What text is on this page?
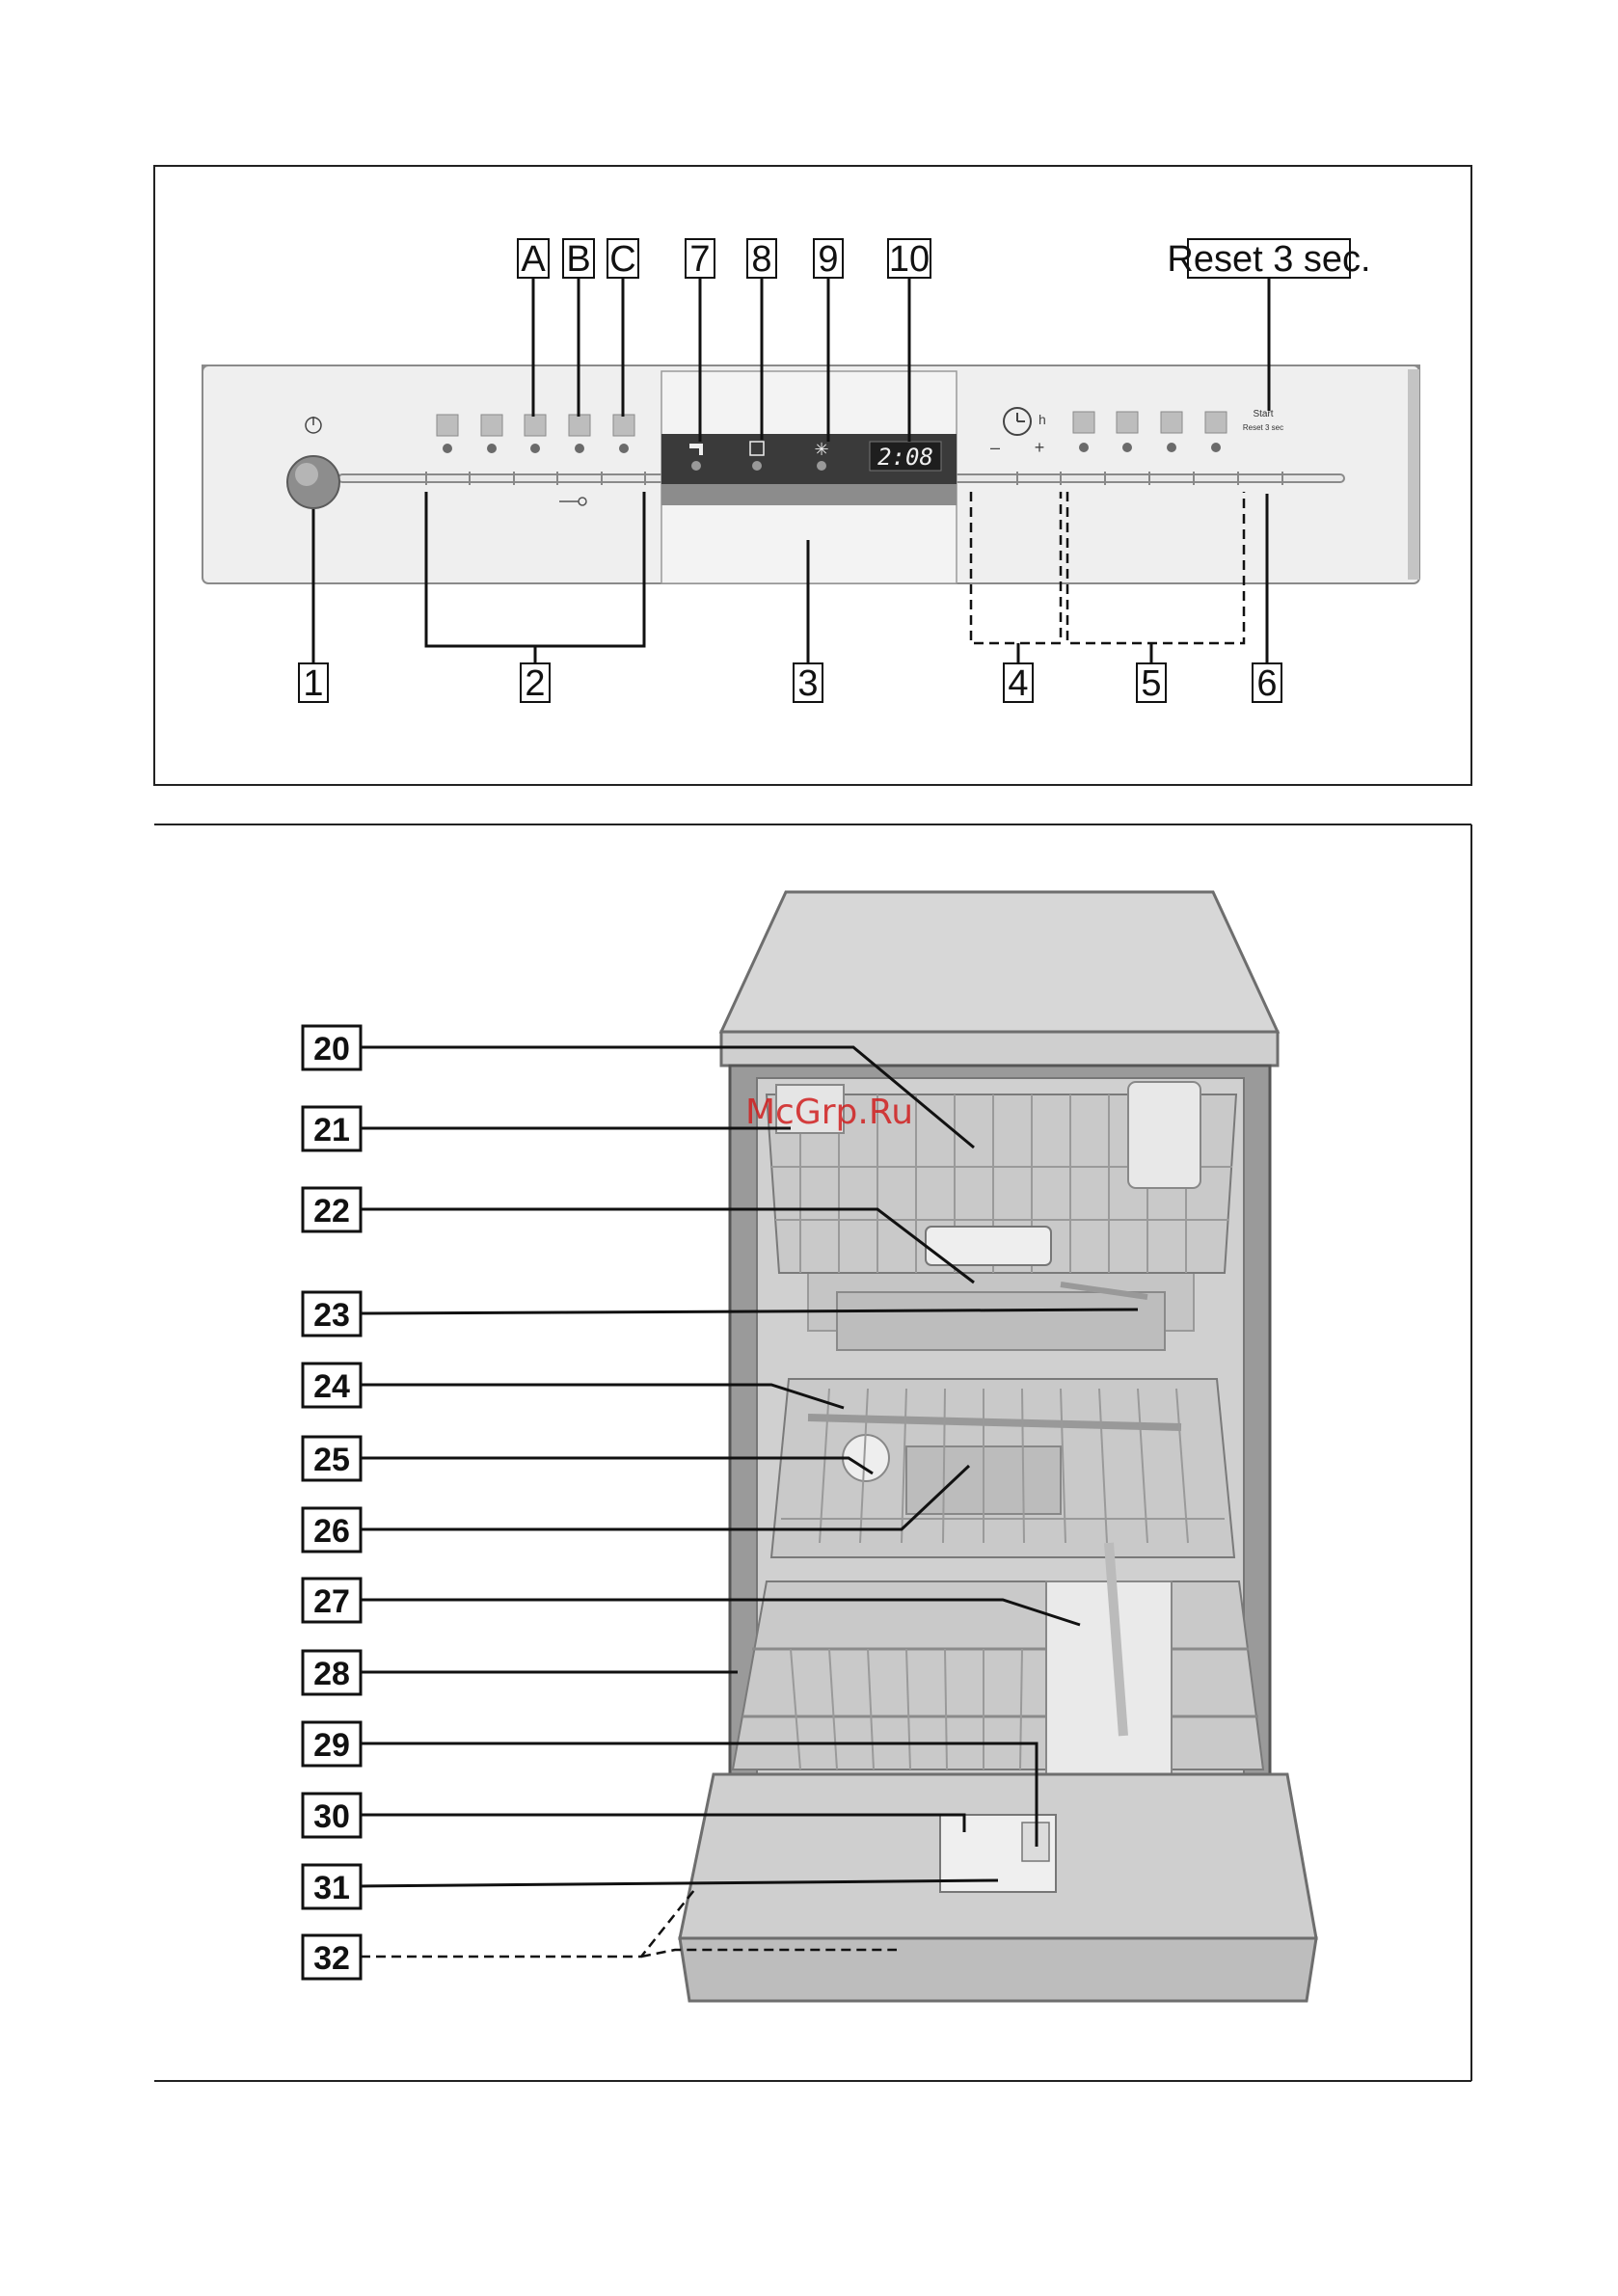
✳ 2:08
h
– +
Start
Reset 3 sec
A B C 7 8 9 10	Reset 3 sec.
1	2	3	4	5	6
20
21
22
23
24
25
26
27
28
29
30
31
32
McGrp.Ru
